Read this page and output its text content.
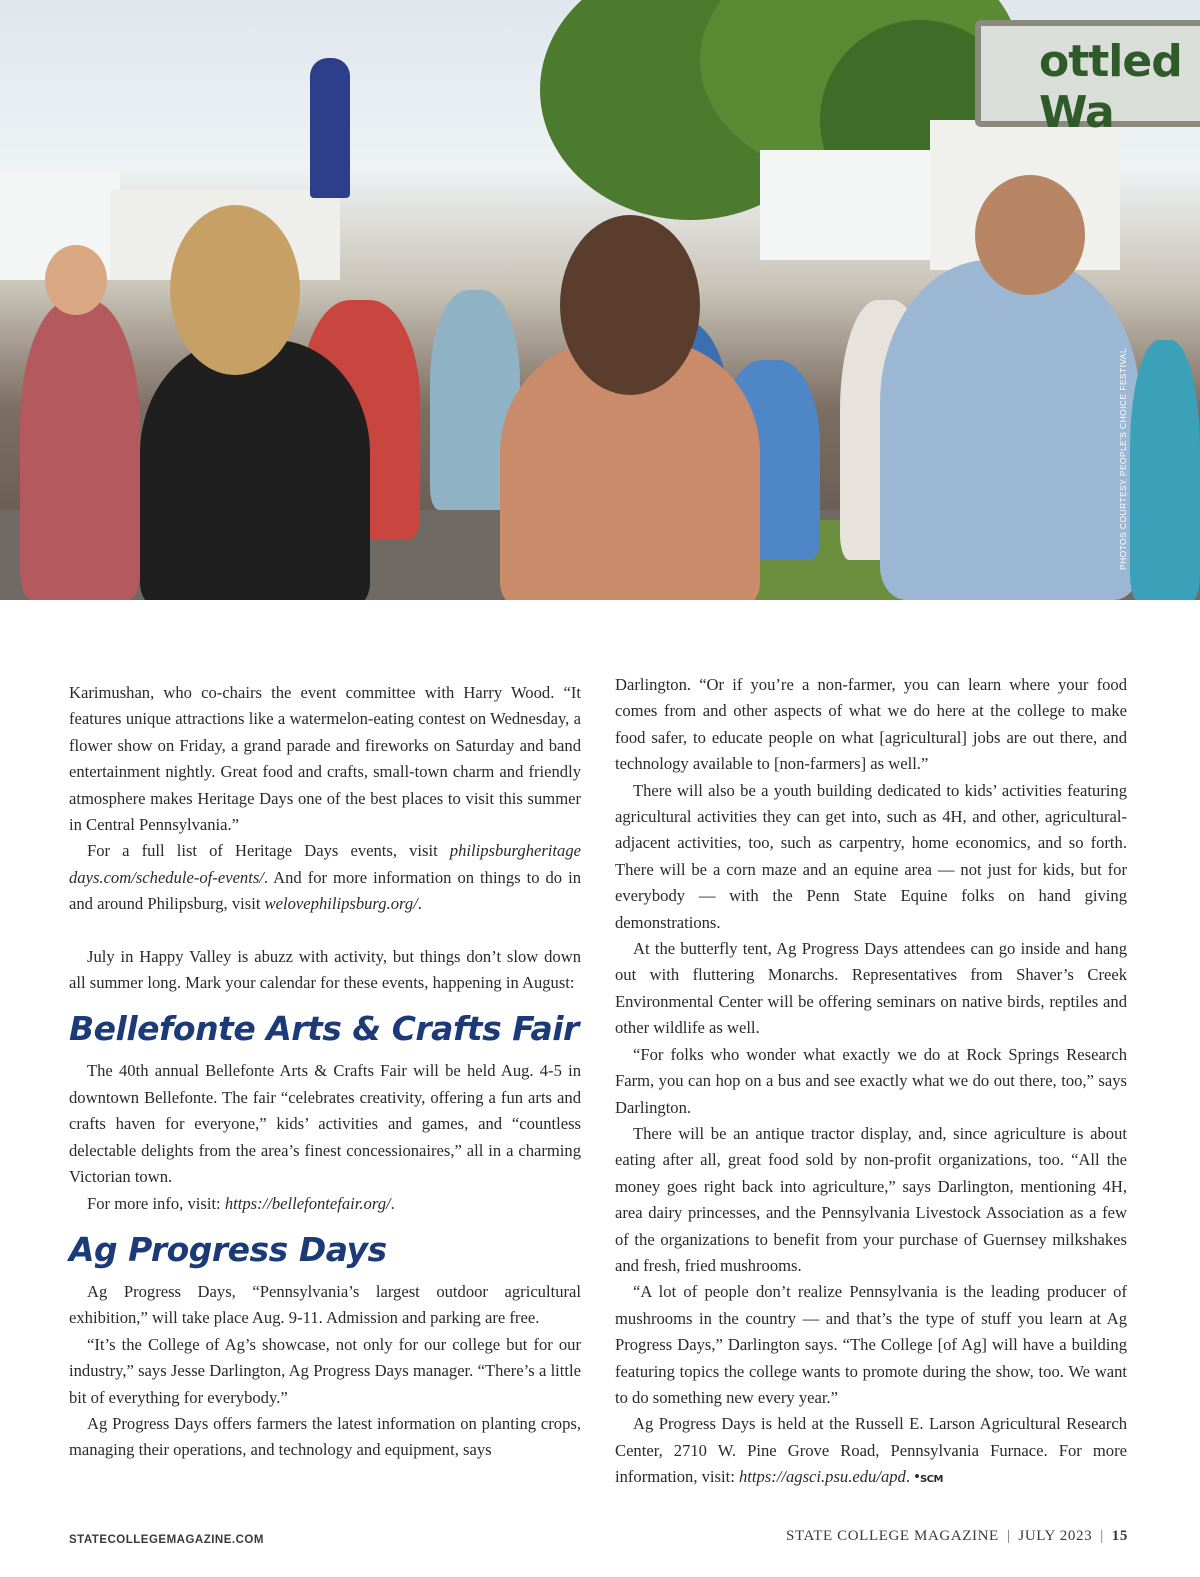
ottled Wa
PHOTOS COURTESY PEOPLE'S CHOICE FESTIVAL

Karimushan, who co-chairs the event committee with Harry Wood. “It features unique attractions like a watermelon-eating contest on Wednesday, a flower show on Friday, a grand parade and fireworks on Saturday and band entertainment nightly. Great food and crafts, small-town charm and friendly atmosphere makes Heritage Days one of the best places to visit this summer in Central Pennsylvania.”

For a full list of Heritage Days events, visit philipsburgheritage days.com/schedule-of-events/. And for more information on things to do in and around Philipsburg, visit welovephilipsburg.org/.

July in Happy Valley is abuzz with activity, but things don’t slow down all summer long. Mark your calendar for these events, happening in August:

Bellefonte Arts & Crafts Fair

The 40th annual Bellefonte Arts & Crafts Fair will be held Aug. 4-5 in downtown Bellefonte. The fair “celebrates creativity, offering a fun arts and crafts haven for everyone,” kids’ activities and games, and “countless delectable delights from the area’s finest concessionaires,” all in a charming Victorian town.

For more info, visit: https://bellefontefair.org/.

Ag Progress Days

Ag Progress Days, “Pennsylvania’s largest outdoor agricultural exhibition,” will take place Aug. 9-11. Admission and parking are free.

“It’s the College of Ag’s showcase, not only for our college but for our industry,” says Jesse Darlington, Ag Progress Days manager. “There’s a little bit of everything for everybody.”

Ag Progress Days offers farmers the latest information on planting crops, managing their operations, and technology and equipment, says

Darlington. “Or if you’re a non-farmer, you can learn where your food comes from and other aspects of what we do here at the college to make food safer, to educate people on what [agricultural] jobs are out there, and technology available to [non-farmers] as well.”

There will also be a youth building dedicated to kids’ activities featuring agricultural activities they can get into, such as 4H, and other, agricultural-adjacent activities, too, such as carpentry, home economics, and so forth. There will be a corn maze and an equine area — not just for kids, but for everybody — with the Penn State Equine folks on hand giving demonstrations.

At the butterfly tent, Ag Progress Days attendees can go inside and hang out with fluttering Monarchs. Representatives from Shaver’s Creek Environmental Center will be offering seminars on native birds, reptiles and other wildlife as well.

“For folks who wonder what exactly we do at Rock Springs Research Farm, you can hop on a bus and see exactly what we do out there, too,” says Darlington.

There will be an antique tractor display, and, since agriculture is about eating after all, great food sold by non-profit organizations, too. “All the money goes right back into agriculture,” says Darlington, mentioning 4H, area dairy princesses, and the Pennsylvania Livestock Association as a few of the organizations to benefit from your purchase of Guernsey milkshakes and fresh, fried mushrooms.

“A lot of people don’t realize Pennsylvania is the leading producer of mushrooms in the country — and that’s the type of stuff you learn at Ag Progress Days,” Darlington says. “The College [of Ag] will have a building featuring topics the college wants to promote during the show, too. We want to do something new every year.”

Ag Progress Days is held at the Russell E. Larson Agricultural Research Center, 2710 W. Pine Grove Road, Pennsylvania Furnace. For more information, visit: https://agsci.psu.edu/apd. •SCM

STATECOLLEGEMAGAZINE.COM	STATE COLLEGE MAGAZINE | JULY 2023 | 15
